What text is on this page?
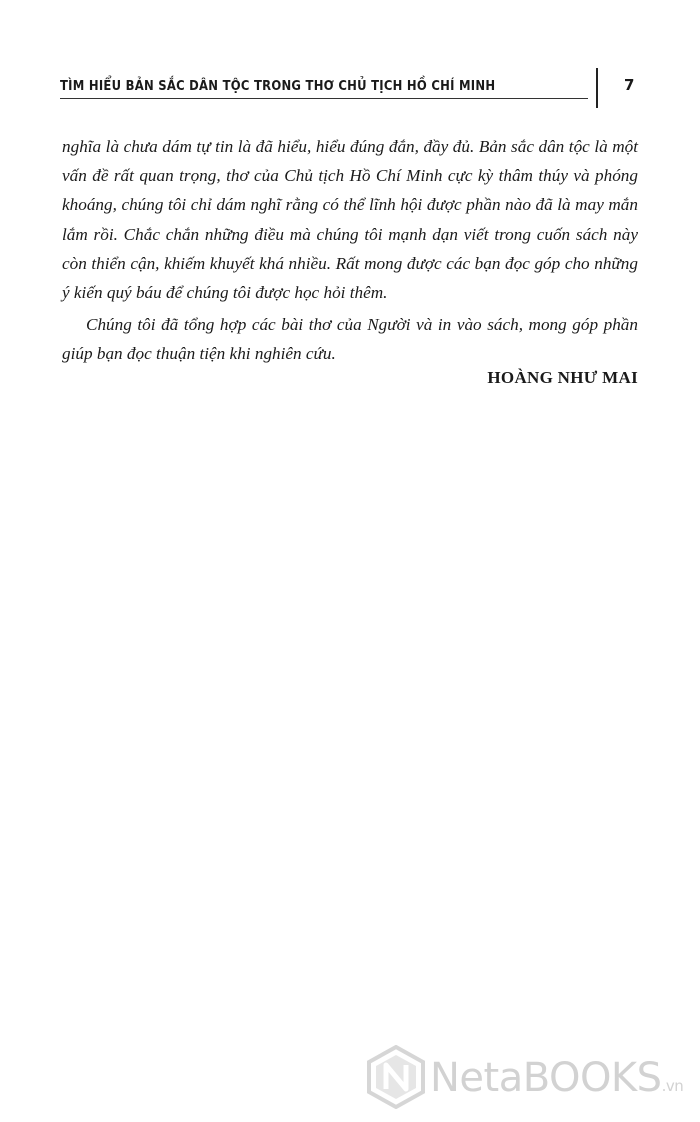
TÌM HIỂU BẢN SẮC DÂN TỘC TRONG THƠ CHỦ TỊCH HỒ CHÍ MINH	7

nghĩa là chưa dám tự tin là đã hiểu, hiểu đúng đắn, đầy đủ. Bản sắc dân tộc là một vấn đề rất quan trọng, thơ của Chủ tịch Hồ Chí Minh cực kỳ thâm thúy và phóng khoáng, chúng tôi chỉ dám nghĩ rằng có thể lĩnh hội được phần nào đã là may mắn lắm rồi. Chắc chắn những điều mà chúng tôi mạnh dạn viết trong cuốn sách này còn thiển cận, khiếm khuyết khá nhiều. Rất mong được các bạn đọc góp cho những ý kiến quý báu để chúng tôi được học hỏi thêm.

Chúng tôi đã tổng hợp các bài thơ của Người và in vào sách, mong góp phần giúp bạn đọc thuận tiện khi nghiên cứu.

HOÀNG NHƯ MAI
NetaBOOKS.vn
